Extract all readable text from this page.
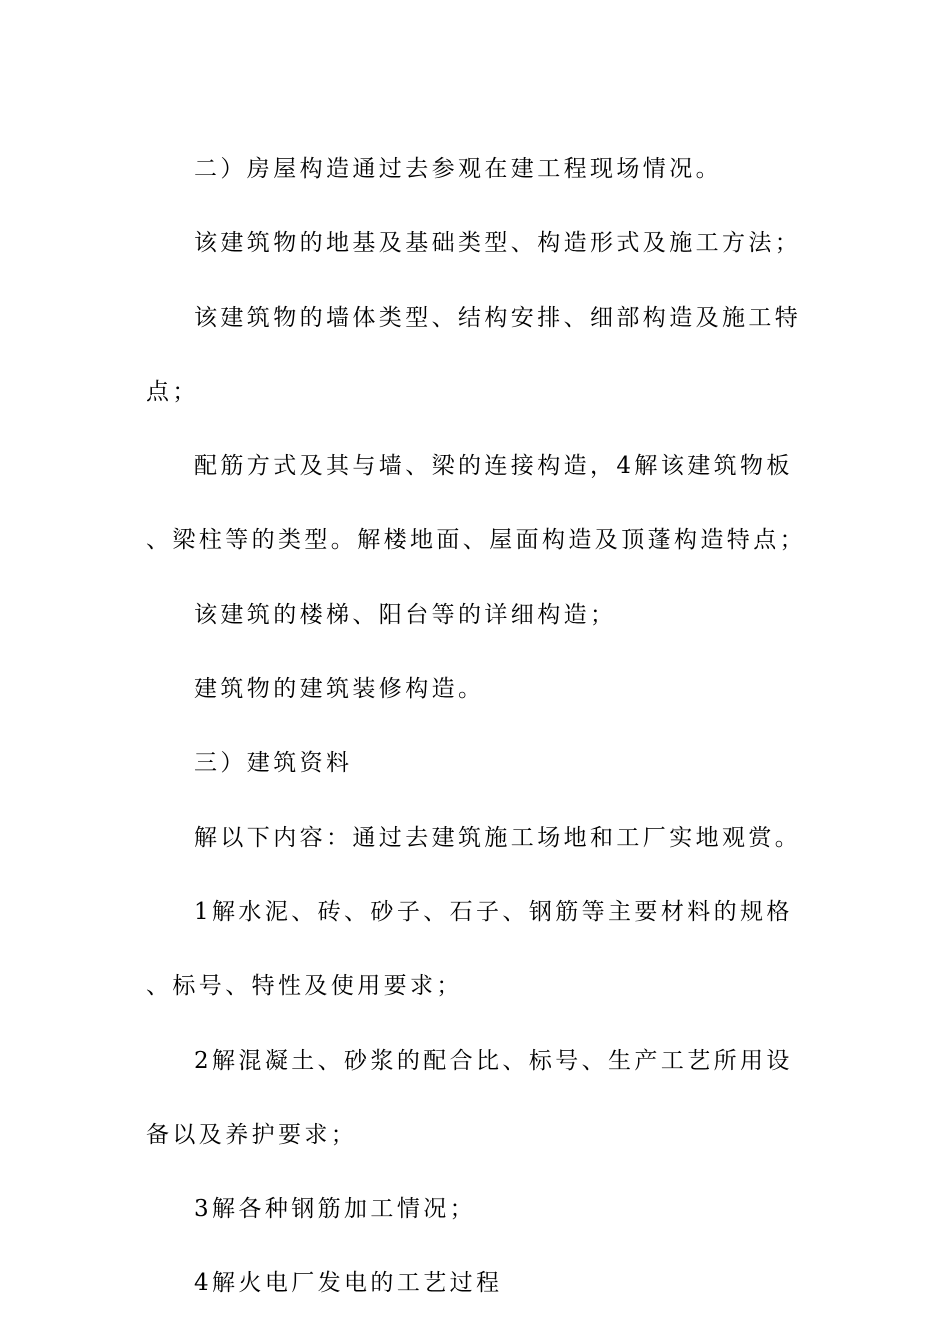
二）房屋构造通过去参观在建工程现场情况。

该建筑物的地基及基础类型、构造形式及施工方法；

该建筑物的墙体类型、结构安排、细部构造及施工特点；

配筋方式及其与墙、梁的连接构造，4解该建筑物板、梁柱等的类型。解楼地面、屋面构造及顶蓬构造特点；

该建筑的楼梯、阳台等的详细构造；

建筑物的建筑装修构造。

三）建筑资料

解以下内容：通过去建筑施工场地和工厂实地观赏。

1解水泥、砖、砂子、石子、钢筋等主要材料的规格、标号、特性及使用要求；

2解混凝土、砂浆的配合比、标号、生产工艺所用设备以及养护要求；

3解各种钢筋加工情况；

4解火电厂发电的工艺过程
